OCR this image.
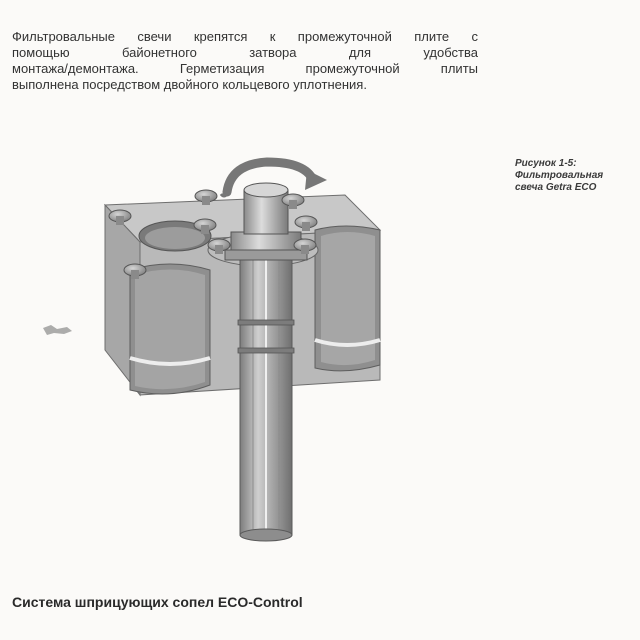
Фильтровальные свечи крепятся к промежуточной плите с
помощью байонетного затвора для удобства
монтажа/демонтажа. Герметизация промежуточной плиты
выполнена посредством двойного кольцевого уплотнения.
Рисунок 1-5:
Фильтровальная
свеча Getra ECO
Система шприцующих сопел ECO-Control
